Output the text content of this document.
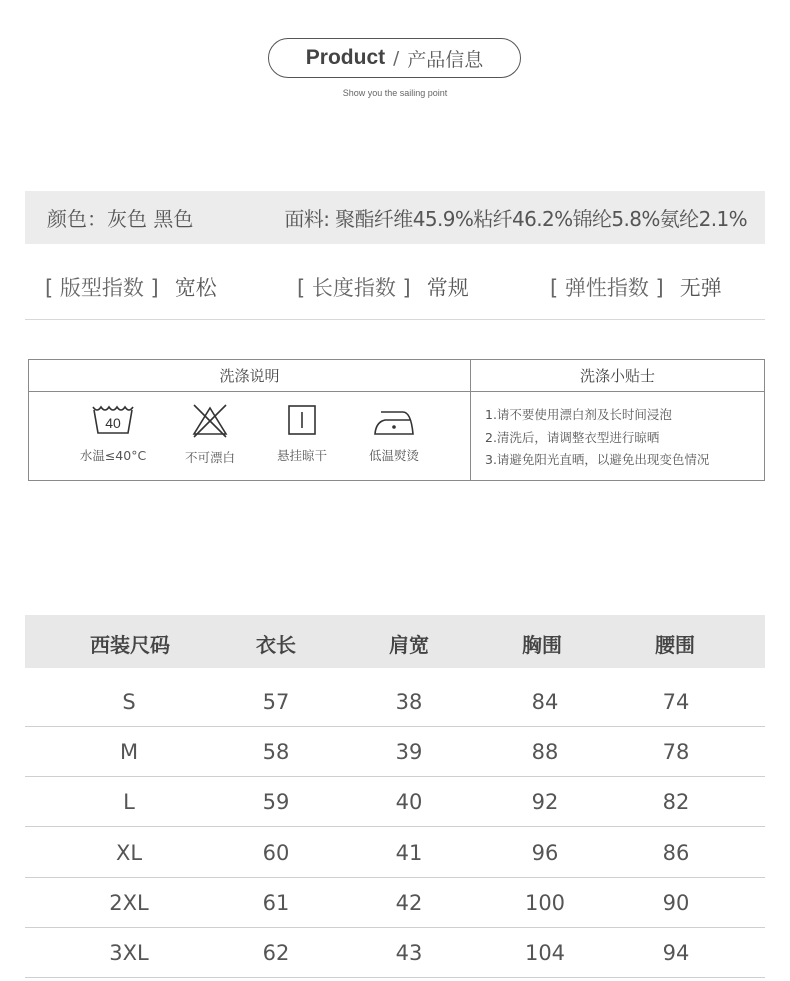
Product / 产品信息
Show you the sailing point
颜色：灰色 黑色	面料: 聚酯纤维45.9%粘纤46.2%锦纶5.8%氨纶2.1%
[ 版型指数 ] 宽松	[ 长度指数 ] 常规	[ 弹性指数 ] 无弹
洗涤说明	洗涤小贴士
40
水温≤40°C	不可漂白	悬挂晾干	低温熨烫
1.请不要使用漂白剂及长时间浸泡
2.清洗后，请调整衣型进行晾晒
3.请避免阳光直晒，以避免出现变色情况
西装尺码	衣长	肩宽	胸围	腰围
S	57	38	84	74
M	58	39	88	78
L	59	40	92	82
XL	60	41	96	86
2XL	61	42	100	90
3XL	62	43	104	94
